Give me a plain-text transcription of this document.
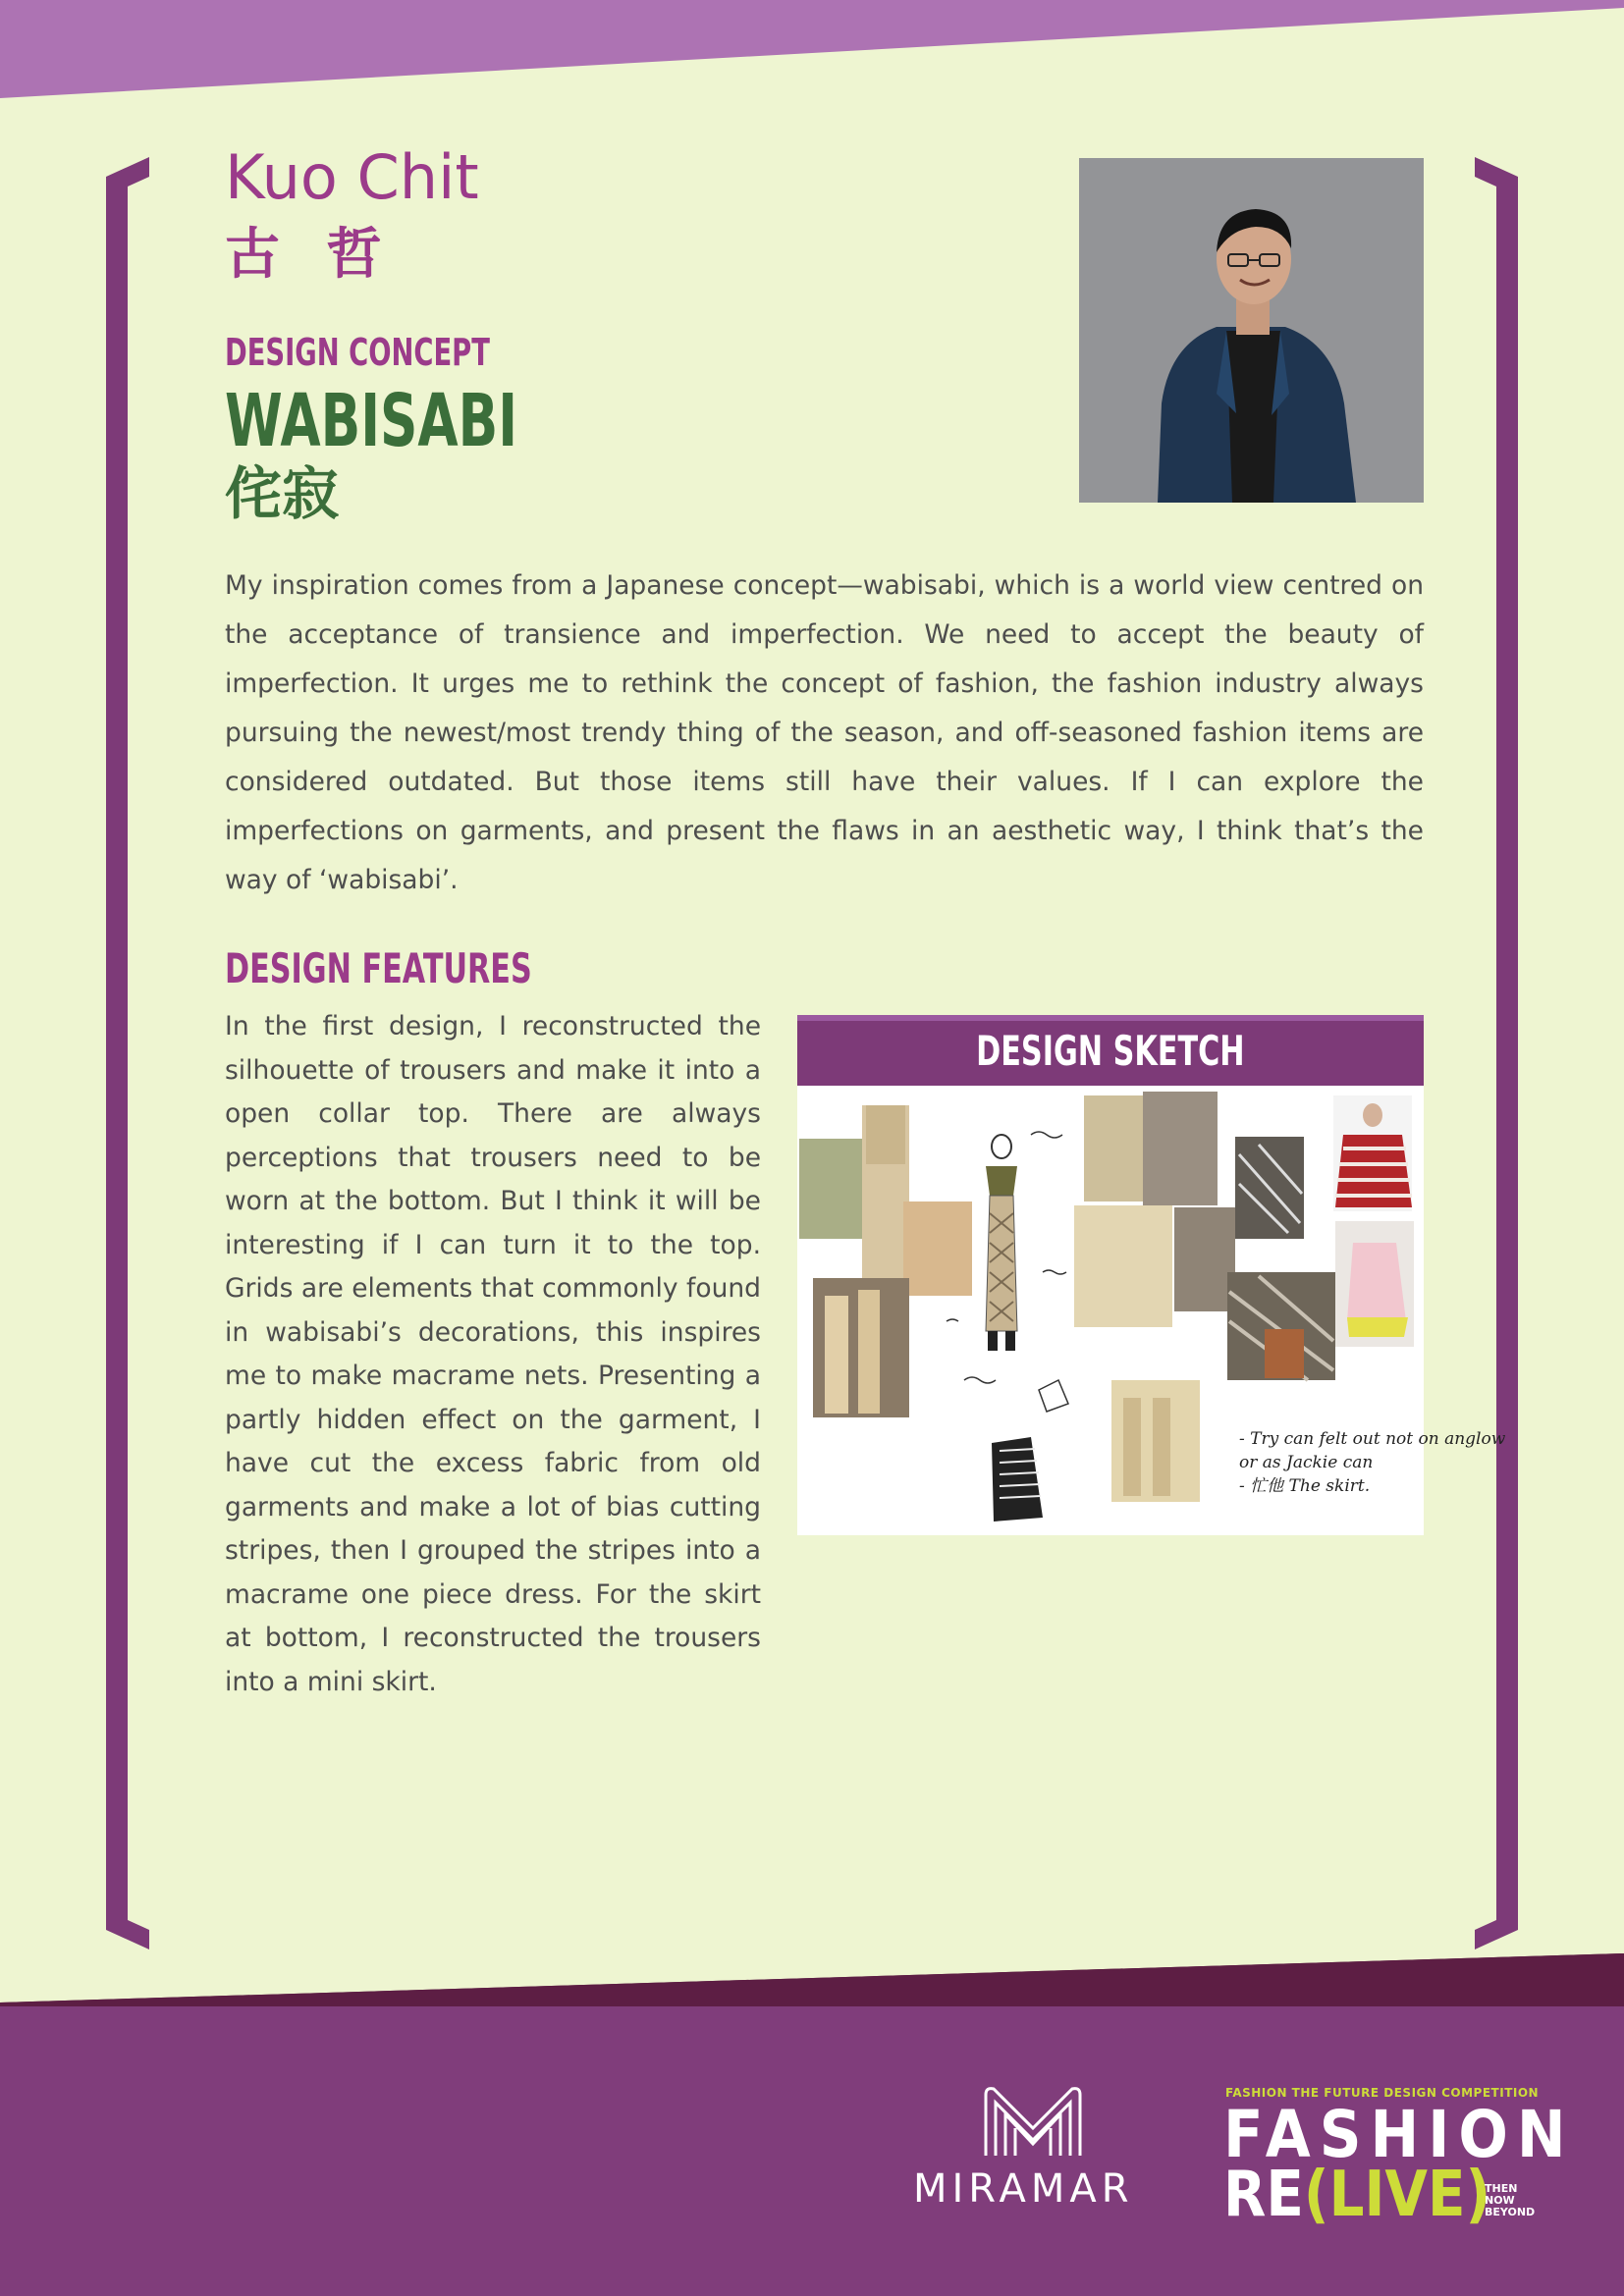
Kuo Chit
古 哲
DESIGN CONCEPT
WABISABI
侘寂

My inspiration comes from a Japanese concept—wabisabi, which is a world view centred on the acceptance of transience and imperfection. We need to accept the beauty of imperfection. It urges me to rethink the concept of fashion, the fashion industry always pursuing the newest/most trendy thing of the season, and off-seasoned fashion items are considered outdated. But those items still have their values. If I can explore the imperfections on garments, and present the flaws in an aesthetic way, I think that’s the way of ‘wabisabi’.

DESIGN FEATURES

In the first design, I reconstructed the silhouette of trousers and make it into a open collar top. There are always perceptions that trousers need to be worn at the bottom. But I think it will be interesting if I can turn it to the top. Grids are elements that commonly found in wabisabi’s decorations, this inspires me to make macrame nets. Presenting a partly hidden effect on the garment, I have cut the excess fabric from old garments and make a lot of bias cutting stripes, then I grouped the stripes into a macrame one piece dress. For the skirt at bottom, I reconstructed the trousers into a mini skirt.

DESIGN SKETCH
- Try can felt out not on anglow
or as Jackie can
- 忙他 The skirt.
MIRAMAR
FASHION THE FUTURE DESIGN COMPETITION
FASHION
RE(LIVE)
THEN
NOW
BEYOND
